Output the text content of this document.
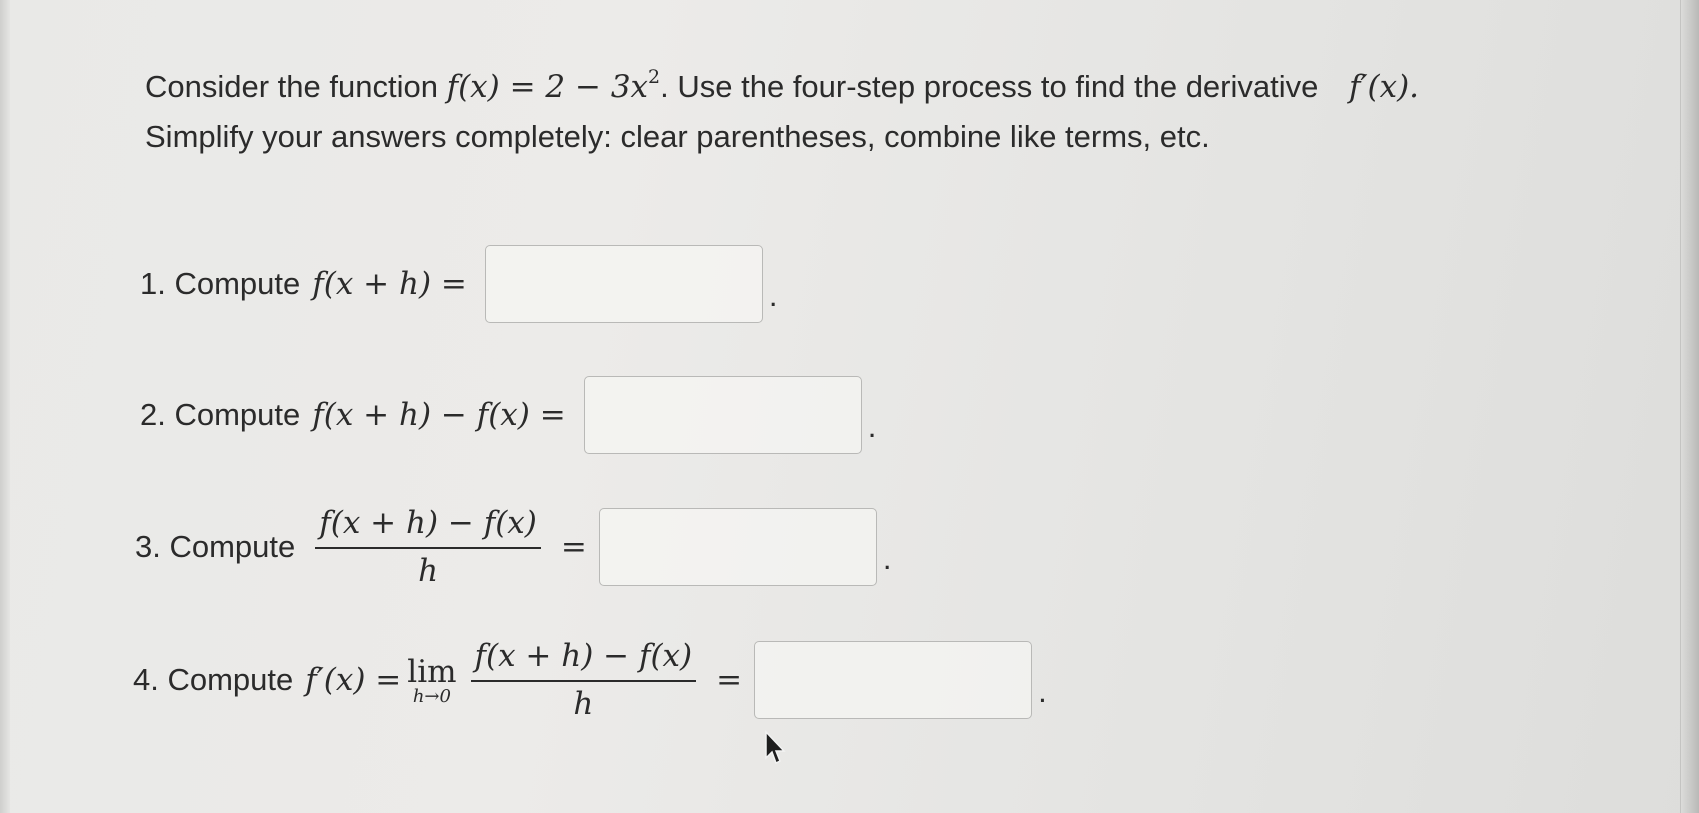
Consider the function $f(x) = 2 - 3x^2$. Use the four-step process to find the derivative f′(x).
Simplify your answers completely: clear parentheses, combine like terms, etc.
1. Compute f(x + h) =	.
2. Compute f(x + h) − f(x) =	.
3. Compute $\frac{f(x + h) - f(x)}{h}$ =	.
4. Compute f′(x) = lim
$h\to 0 \frac{f(x + h) - f(x)}{h}$ =	.
